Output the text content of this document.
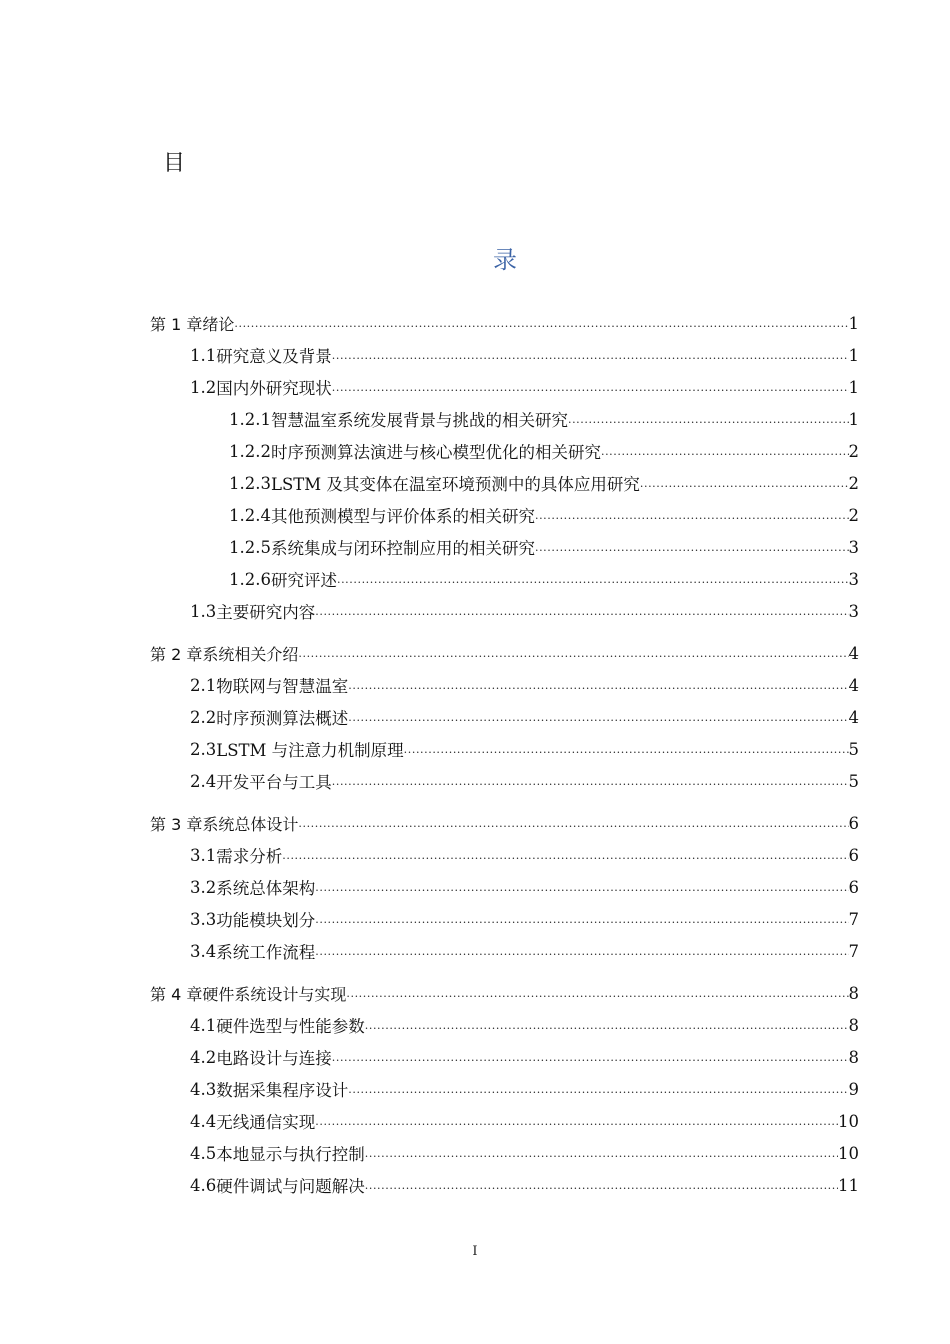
目
录
第 1 章 绪论 .....	1
1.1 研究意义及背景 .....	1
1.2 国内外研究现状 .....	1
1.2.1 智慧温室系统发展背景与挑战的相关研究 .....	1
1.2.2 时序预测算法演进与核心模型优化的相关研究 .....	2
1.2.3 LSTM 及其变体在温室环境预测中的具体应用研究 .....	2
1.2.4 其他预测模型与评价体系的相关研究 .....	2
1.2.5 系统集成与闭环控制应用的相关研究 .....	3
1.2.6 研究评述 .....	3
1.3 主要研究内容 .....	3
第 2 章 系统相关介绍 .....	4
2.1 物联网与智慧温室 .....	4
2.2 时序预测算法概述 .....	4
2.3 LSTM 与注意力机制原理 .....	5
2.4 开发平台与工具 .....	5
第 3 章 系统总体设计 .....	6
3.1 需求分析 .....	6
3.2 系统总体架构 .....	6
3.3 功能模块划分 .....	7
3.4 系统工作流程 .....	7
第 4 章 硬件系统设计与实现 .....	8
4.1 硬件选型与性能参数 .....	8
4.2 电路设计与连接 .....	8
4.3 数据采集程序设计 .....	9
4.4 无线通信实现 .....	10
4.5 本地显示与执行控制 .....	10
4.6 硬件调试与问题解决 .....	11
I
